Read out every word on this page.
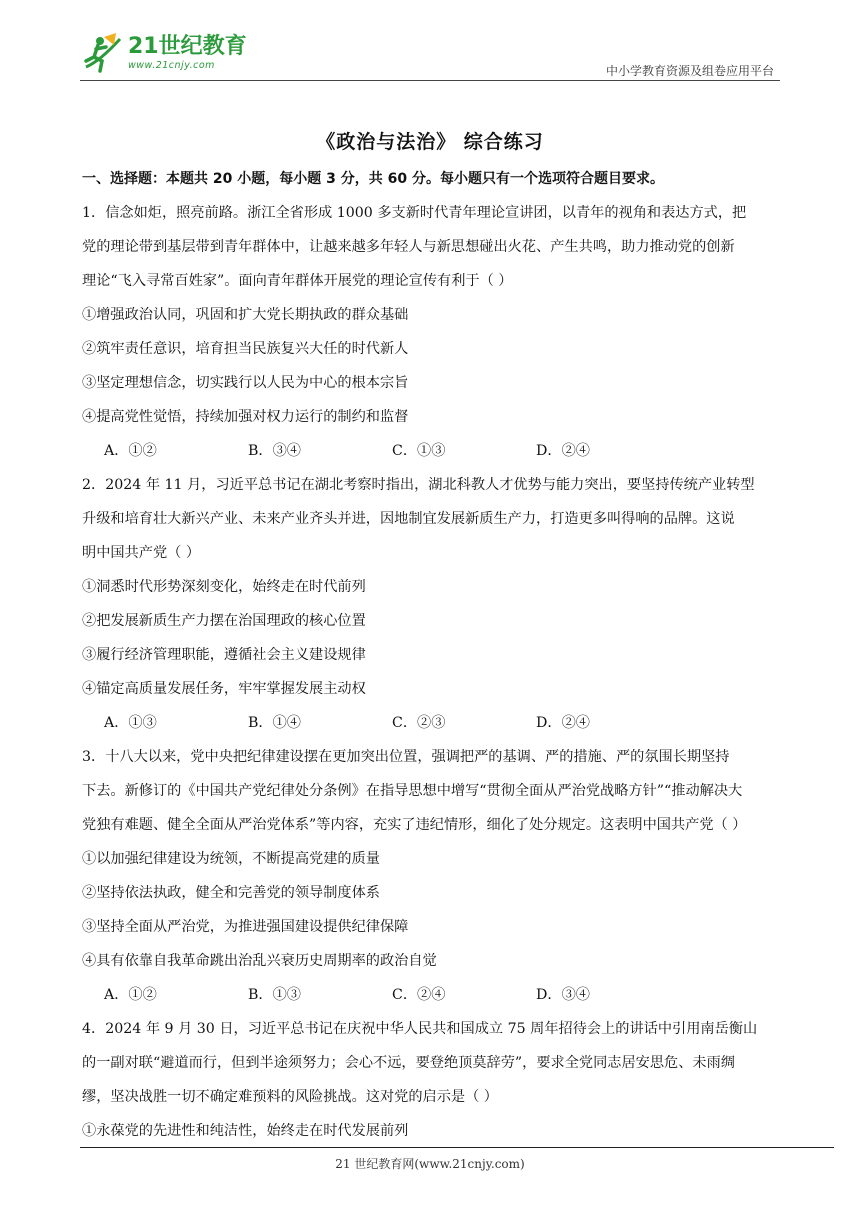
21世纪教育
www.21cnjy.com	中小学教育资源及组卷应用平台
《政治与法治》 综合练习
一、选择题：本题共 20 小题，每小题 3 分，共 60 分。每小题只有一个选项符合题目要求。
1．信念如炬，照亮前路。浙江全省形成 1000 多支新时代青年理论宣讲团，以青年的视角和表达方式，把
党的理论带到基层带到青年群体中，让越来越多年轻人与新思想碰出火花、产生共鸣，助力推动党的创新
理论“飞入寻常百姓家”。面向青年群体开展党的理论宣传有利于（ ）
①增强政治认同，巩固和扩大党长期执政的群众基础
②筑牢责任意识，培育担当民族复兴大任的时代新人
③坚定理想信念，切实践行以人民为中心的根本宗旨
④提高党性觉悟，持续加强对权力运行的制约和监督
A．①②	B．③④	C．①③	D．②④
2．2024 年 11 月，习近平总书记在湖北考察时指出，湖北科教人才优势与能力突出，要坚持传统产业转型
升级和培育壮大新兴产业、未来产业齐头并进，因地制宜发展新质生产力，打造更多叫得响的品牌。这说
明中国共产党（ ）
①洞悉时代形势深刻变化，始终走在时代前列
②把发展新质生产力摆在治国理政的核心位置
③履行经济管理职能，遵循社会主义建设规律
④锚定高质量发展任务，牢牢掌握发展主动权
A．①③	B．①④	C．②③	D．②④
3．十八大以来，党中央把纪律建设摆在更加突出位置，强调把严的基调、严的措施、严的氛围长期坚持
下去。新修订的《中国共产党纪律处分条例》在指导思想中增写“贯彻全面从严治党战略方针”“推动解决大
党独有难题、健全全面从严治党体系”等内容，充实了违纪情形，细化了处分规定。这表明中国共产党（ ）
①以加强纪律建设为统领，不断提高党建的质量
②坚持依法执政，健全和完善党的领导制度体系
③坚持全面从严治党，为推进强国建设提供纪律保障
④具有依靠自我革命跳出治乱兴衰历史周期率的政治自觉
A．①②	B．①③	C．②④	D．③④
4．2024 年 9 月 30 日，习近平总书记在庆祝中华人民共和国成立 75 周年招待会上的讲话中引用南岳衡山
的一副对联“避道而行，但到半途须努力；会心不远，要登绝顶莫辞劳”，要求全党同志居安思危、未雨绸
缪，坚决战胜一切不确定难预料的风险挑战。这对党的启示是（ ）
①永葆党的先进性和纯洁性，始终走在时代发展前列
21 世纪教育网(www.21cnjy.com)
